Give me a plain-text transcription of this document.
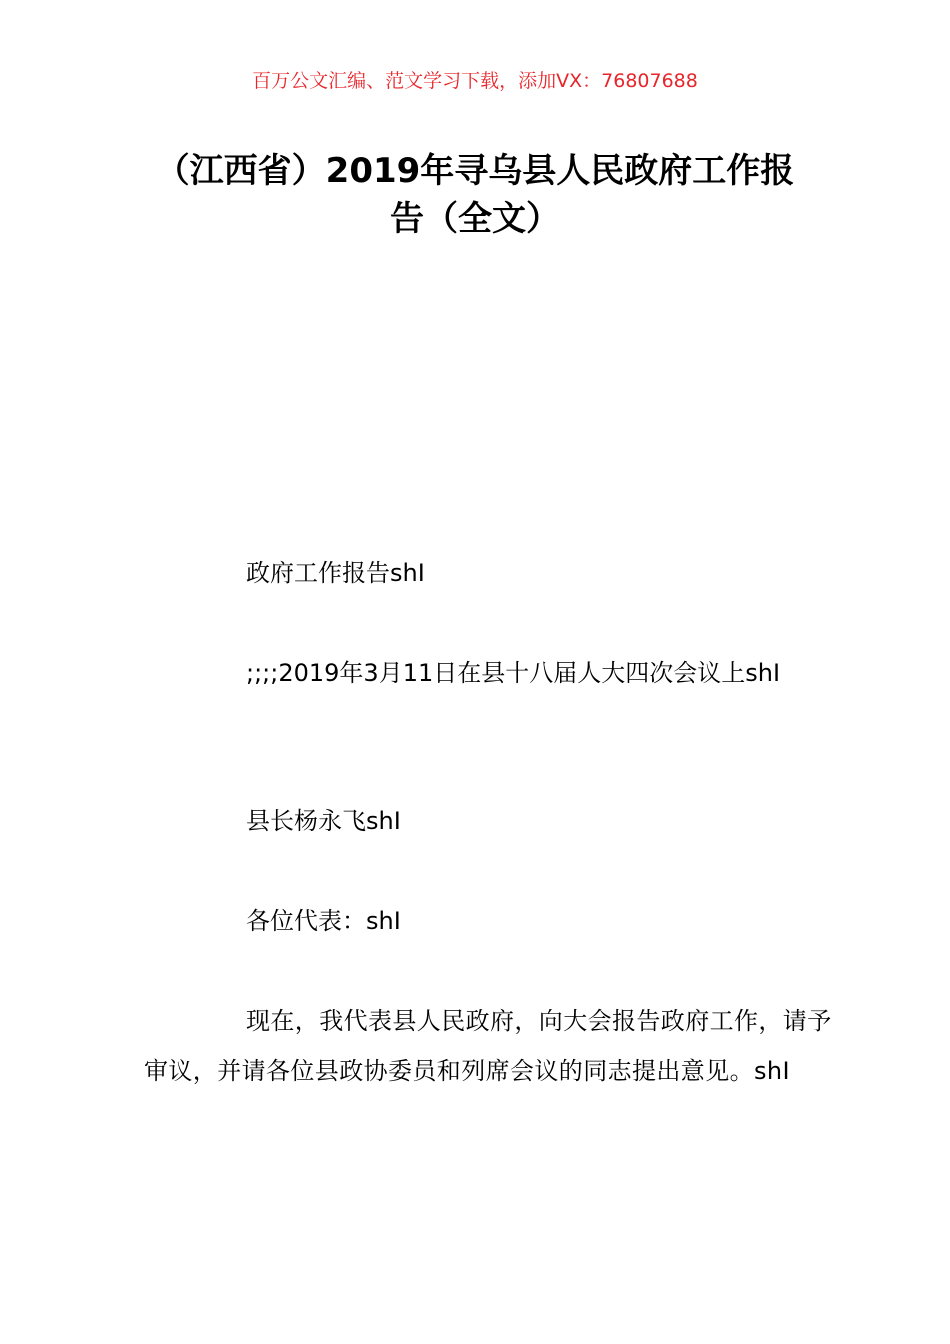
百万公文汇编、范文学习下载，添加VX：76807688
（江西省）2019年寻乌县人民政府工作报
告（全文）
政府工作报告shI
;;;;2019年3月11日在县十八届人大四次会议上shI
县长杨永飞shI
各位代表：shI
现在，我代表县人民政府，向大会报告政府工作，请予审议，并请各位县政协委员和列席会议的同志提出意见。shI
